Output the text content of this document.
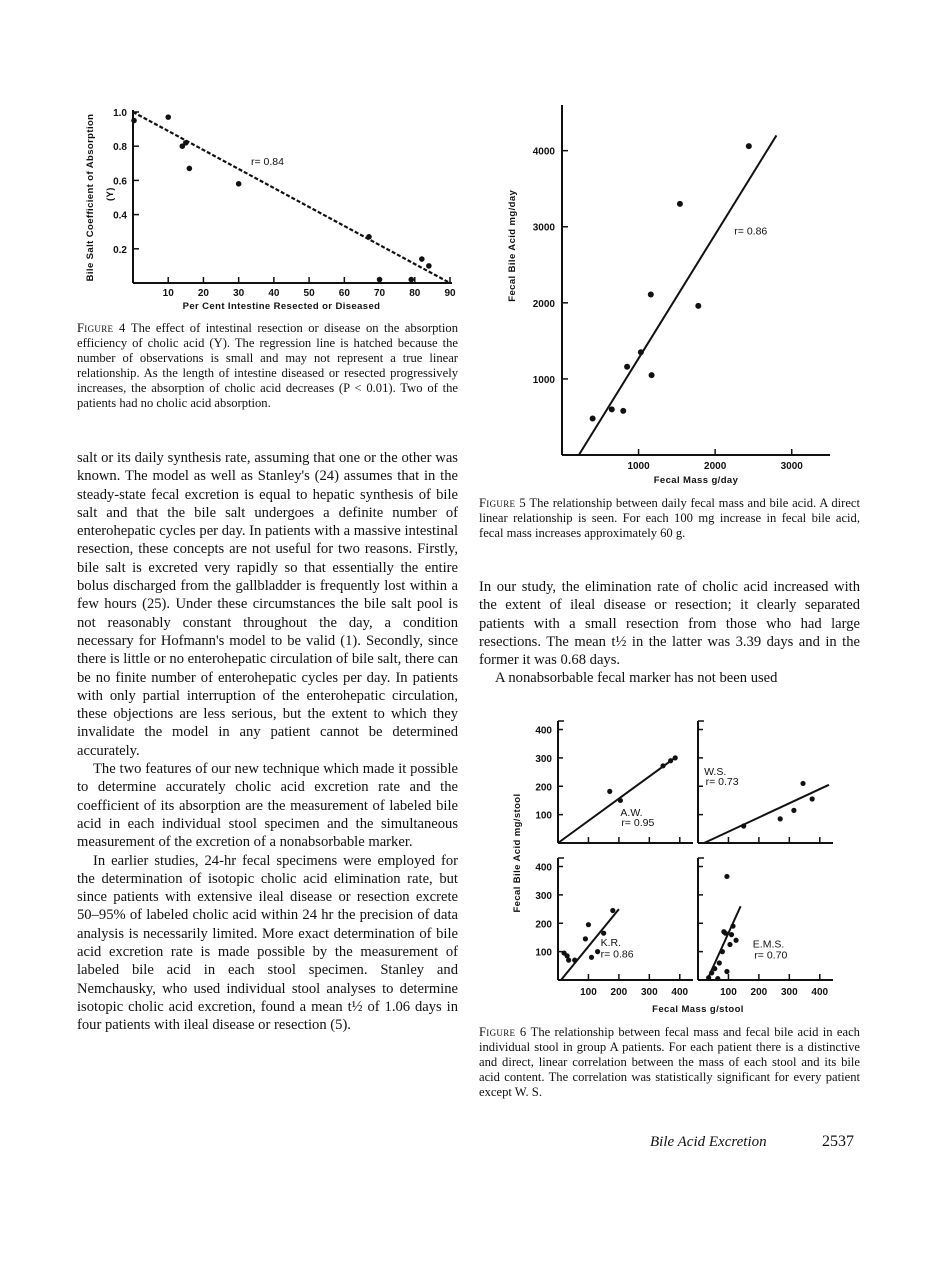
10 20 30 40 50 60 70 80 90
0.2
0.4
0.6
0.8
1.0
Per Cent Intestine Resected or Diseased
Bile Salt Coefficient of Absorption (Y)
r= 0.84
Figure 4 The effect of intestinal resection or disease on the absorption efficiency of cholic acid (Y). The regression line is hatched because the number of observations is small and may not represent a true linear relationship. As the length of intestine diseased or resected progressively increases, the absorption of cholic acid decreases (P < 0.01). Two of the patients had no cholic acid absorption.

salt or its daily synthesis rate, assuming that one or the other was known. The model as well as Stanley's (24) assumes that in the steady-state fecal excretion is equal to hepatic synthesis of bile salt and that the bile salt undergoes a definite number of enterohepatic cycles per day. In patients with a massive intestinal resection, these concepts are not useful for two reasons. Firstly, bile salt is excreted very rapidly so that essentially the entire bolus discharged from the gallbladder is frequently lost within a few hours (25). Under these circumstances the bile salt pool is not reasonably constant throughout the day, a condition necessary for Hofmann's model to be valid (1). Secondly, since there is little or no enterohepatic circulation of bile salt, there can be no finite number of enterohepatic cycles per day. In patients with only partial interruption of the enterohepatic circulation, these objections are less serious, but the extent to which they invalidate the model in any patient cannot be determined accurately.

The two features of our new technique which made it possible to determine accurately cholic acid excretion rate and the coefficient of its absorption are the measurement of labeled bile acid in each individual stool specimen and the simultaneous measurement of the excretion of a nonabsorbable marker.

In earlier studies, 24-hr fecal specimens were employed for the determination of isotopic cholic acid elimination rate, but since patients with extensive ileal disease or resection excrete 50–95% of labeled cholic acid within 24 hr the precision of data analysis is necessarily limited. More exact determination of bile acid excretion rate is made possible by the measurement of labeled bile acid in each stool specimen. Stanley and Nemchausky, who used individual stool analyses to determine isotopic cholic acid excretion, found a mean t½ of 1.06 days in four patients with ileal disease or resection (5).

1000	2000	3000
1000
2000
3000
4000
Fecal Mass g/day
Fecal Bile Acid mg/day	r= 0.86
Figure 5 The relationship between daily fecal mass and bile acid. A direct linear relationship is seen. For each 100 mg increase in fecal bile acid, fecal mass increases approximately 60 g.

In our study, the elimination rate of cholic acid increased with the extent of ileal disease or resection; it clearly separated patients with a small resection from those who had large resections. The mean t½ in the latter was 3.39 days and in the former it was 0.68 days.

A nonabsorbable fecal marker has not been used

100
200
300
400
A.W.
r= 0.95
W.S.
r= 0.73
100
200
300
400
100 200 300 400
K.R.
r= 0.86
100 200 300 400
E.M.S.
r= 0.70
Fecal Mass g/stool
Fecal Bile Acid mg/stool
Figure 6 The relationship between fecal mass and fecal bile acid in each individual stool in group A patients. For each patient there is a distinctive and direct, linear correlation between the mass of each stool and its bile acid content. The correlation was statistically significant for every patient except W. S.
Bile Acid Excretion	2537
